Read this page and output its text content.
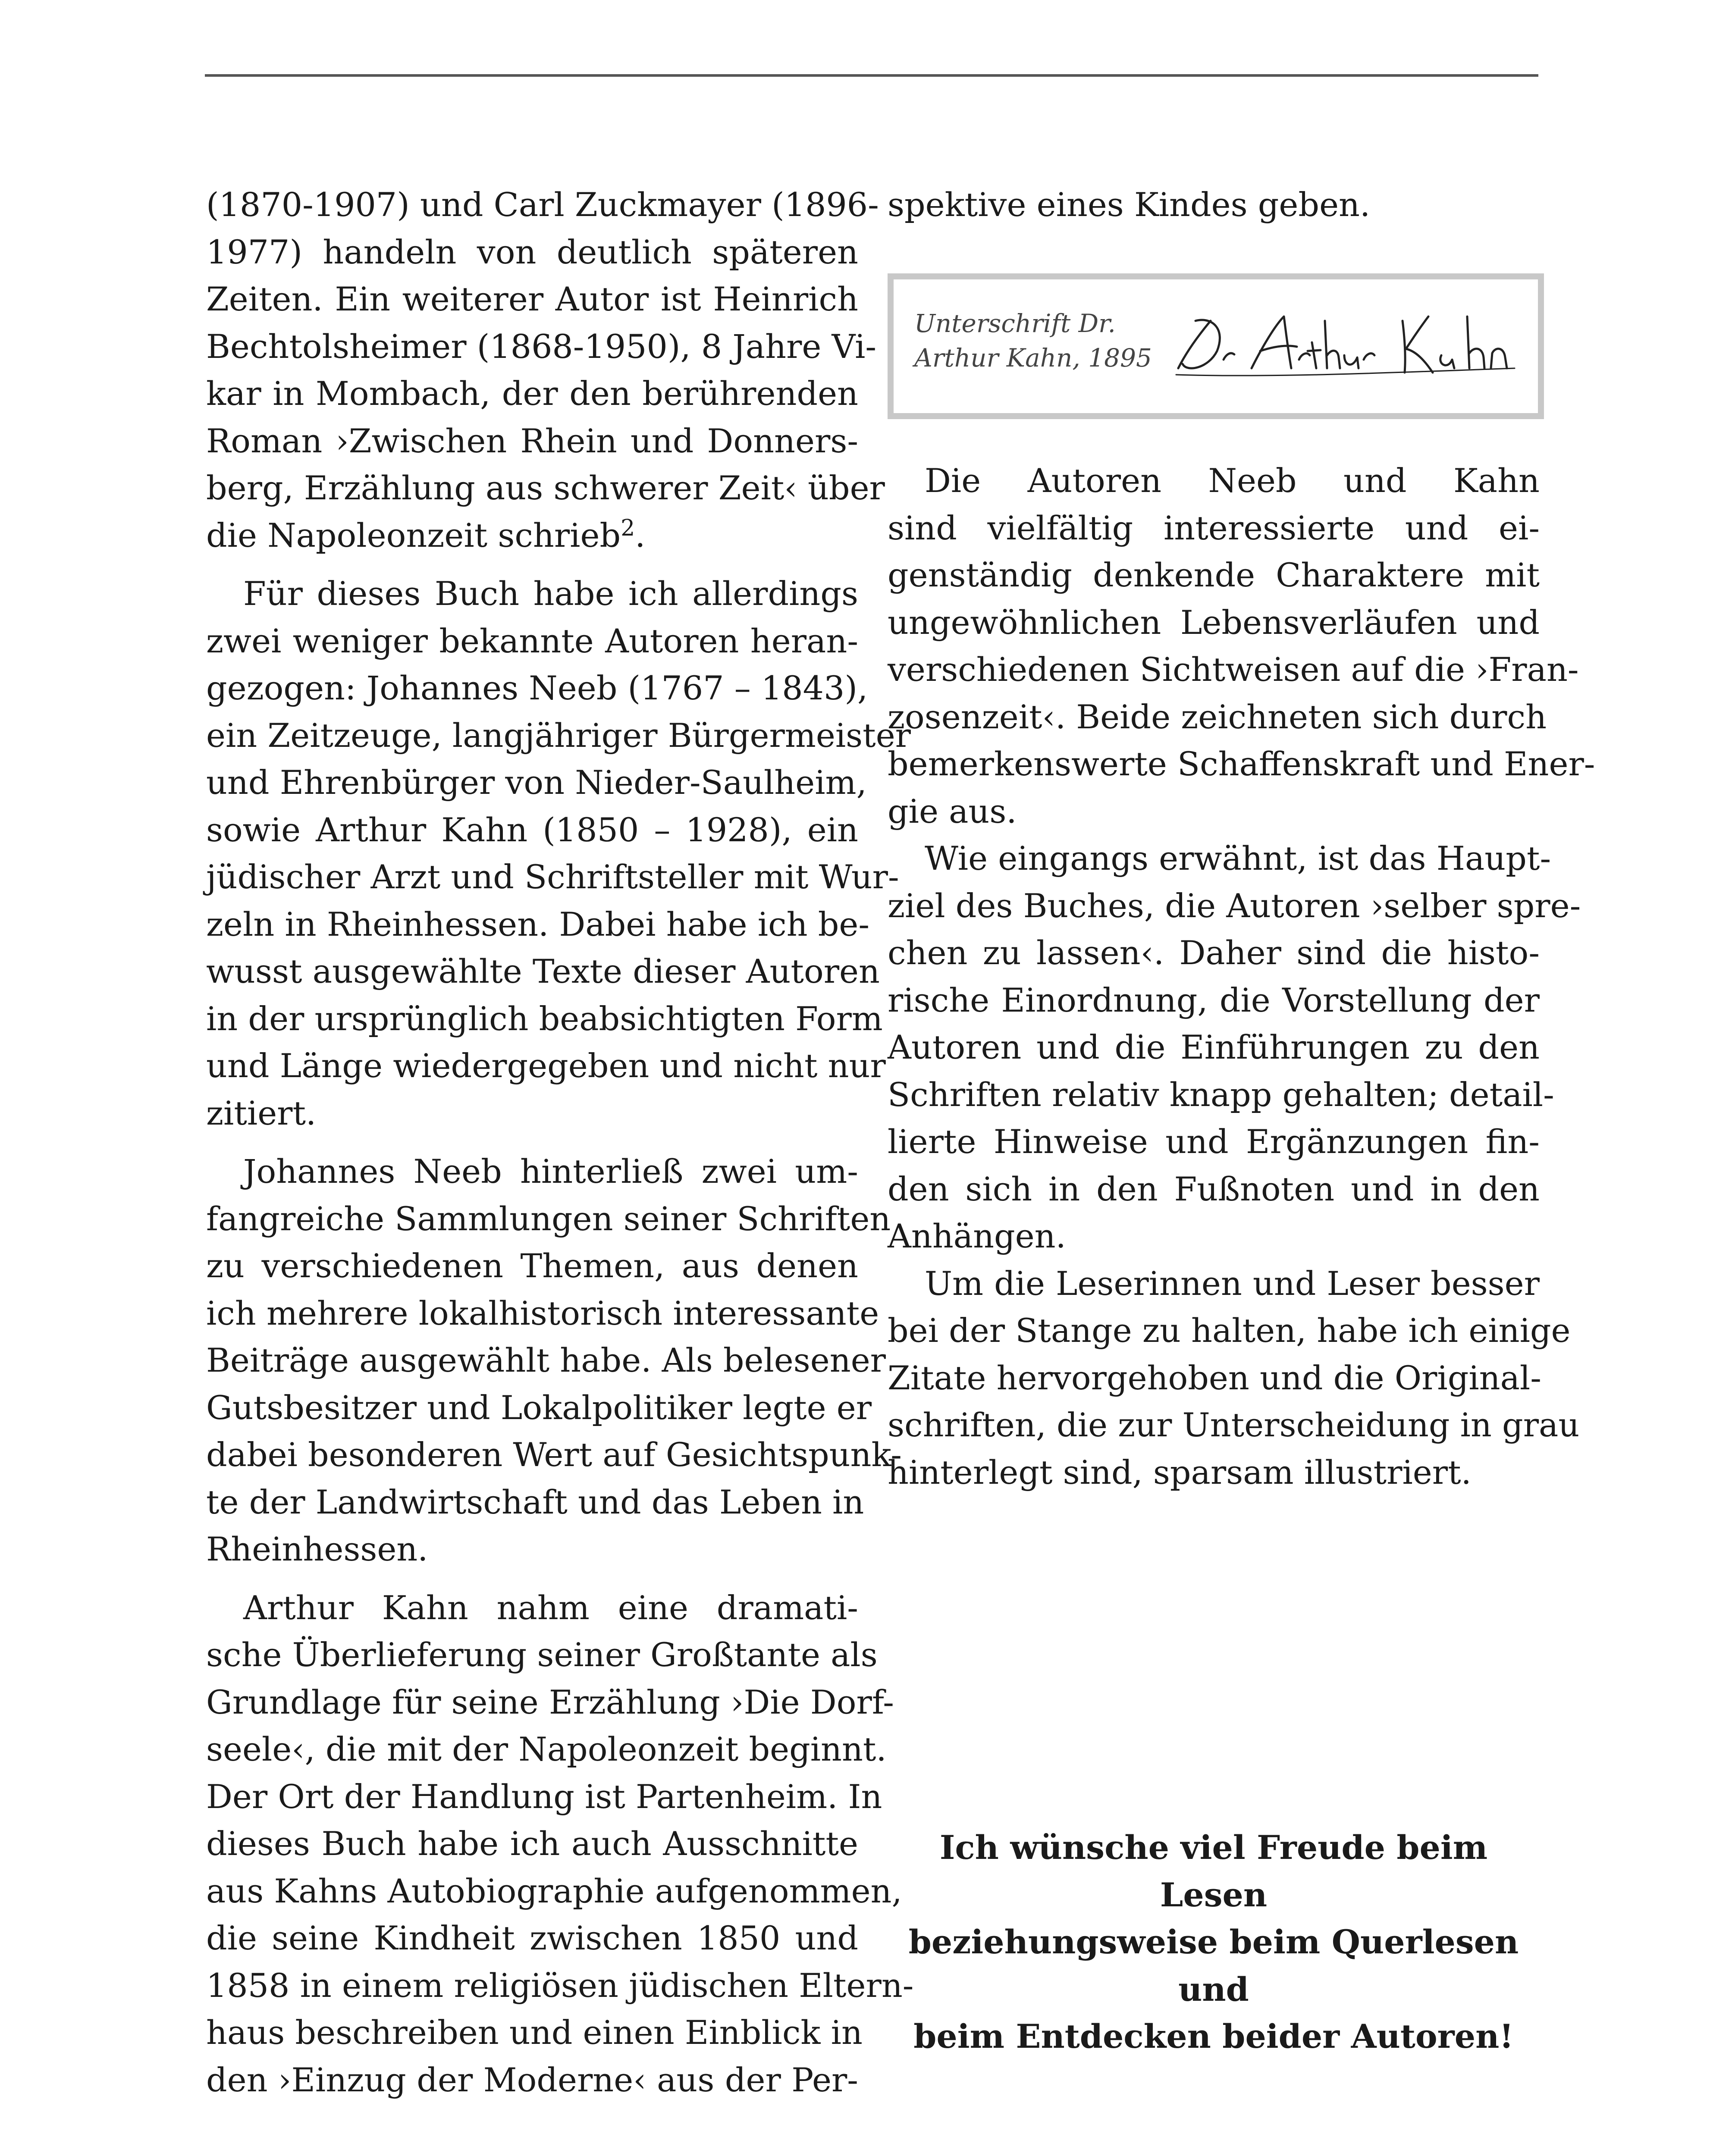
(1870-1907) und Carl Zuckmayer (1896-
1977) handeln von deutlich späteren
Zeiten. Ein weiterer Autor ist Heinrich
Bechtolsheimer (1868-1950), 8 Jahre Vi-
kar in Mombach, der den berührenden
Roman ›Zwischen Rhein und Donners-
berg, Erzählung aus schwerer Zeit‹ über
die Napoleonzeit schrieb$^2$.
Für dieses Buch habe ich allerdings
zwei weniger bekannte Autoren heran-
gezogen: Johannes Neeb (1767 – 1843),
ein Zeitzeuge, langjähriger Bürgermeister
und Ehrenbürger von Nieder-Saulheim,
sowie Arthur Kahn (1850 – 1928), ein
jüdischer Arzt und Schriftsteller mit Wur-
zeln in Rheinhessen. Dabei habe ich be-
wusst ausgewählte Texte dieser Autoren
in der ursprünglich beabsichtigten Form
und Länge wiedergegeben und nicht nur
zitiert.
Johannes Neeb hinterließ zwei um-
fangreiche Sammlungen seiner Schriften
zu verschiedenen Themen, aus denen
ich mehrere lokalhistorisch interessante
Beiträge ausgewählt habe. Als belesener
Gutsbesitzer und Lokalpolitiker legte er
dabei besonderen Wert auf Gesichtspunk-
te der Landwirtschaft und das Leben in
Rheinhessen.
Arthur Kahn nahm eine dramati-
sche Überlieferung seiner Großtante als
Grundlage für seine Erzählung ›Die Dorf-
seele‹, die mit der Napoleonzeit beginnt.
Der Ort der Handlung ist Partenheim. In
dieses Buch habe ich auch Ausschnitte
aus Kahns Autobiographie aufgenommen,
die seine Kindheit zwischen 1850 und
1858 in einem religiösen jüdischen Eltern-
haus beschreiben und einen Einblick in
den ›Einzug der Moderne‹ aus der Per-
spektive eines Kindes geben.
Unterschrift Dr.
Arthur Kahn, 1895
Dr Arthur Kahn
Die Autoren Neeb und Kahn
sind vielfältig interessierte und ei-
genständig denkende Charaktere mit
ungewöhnlichen Lebensverläufen und
verschiedenen Sichtweisen auf die ›Fran-
zosenzeit‹. Beide zeichneten sich durch
bemerkenswerte Schaffenskraft und Ener-
gie aus.
Wie eingangs erwähnt, ist das Haupt-
ziel des Buches, die Autoren ›selber spre-
chen zu lassen‹. Daher sind die histo-
rische Einordnung, die Vorstellung der
Autoren und die Einführungen zu den
Schriften relativ knapp gehalten; detail-
lierte Hinweise und Ergänzungen fin-
den sich in den Fußnoten und in den
Anhängen.
Um die Leserinnen und Leser besser
bei der Stange zu halten, habe ich einige
Zitate hervorgehoben und die Original-
schriften, die zur Unterscheidung in grau
hinterlegt sind, sparsam illustriert.
Ich wünsche viel Freude beim Lesen
beziehungsweise beim Querlesen und
beim Entdecken beider Autoren!
